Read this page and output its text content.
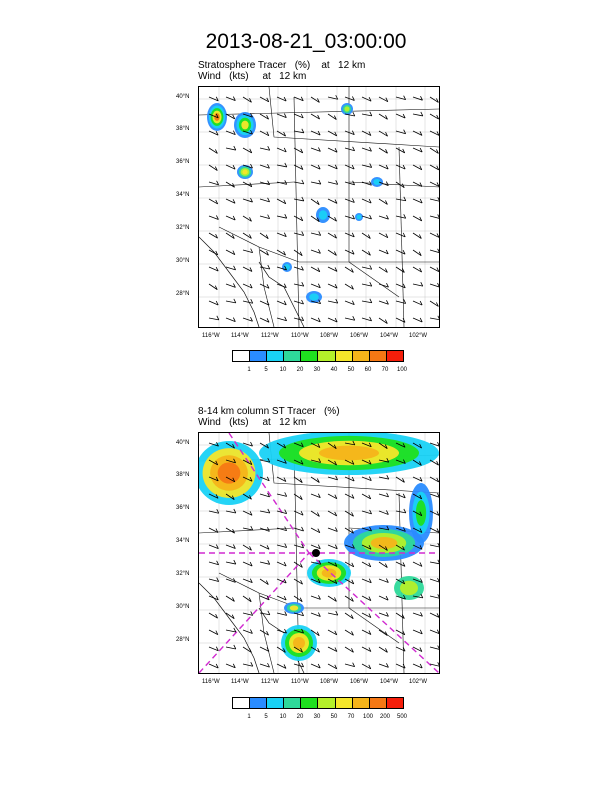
2013-08-21_03:00:00
Stratosphere Tracer   (%)    at   12 km
Wind   (kts)     at   12 km
40°N
38°N
36°N
34°N
32°N
30°N
28°N
116°W 114°W 112°W 110°W 108°W 106°W 104°W 102°W
1	5	10	20	30	40	50	60	70	100
8-14 km column ST Tracer   (%)
Wind   (kts)     at   12 km
40°N
38°N
36°N
34°N
32°N
30°N
28°N
116°W 114°W 112°W 110°W 108°W 106°W 104°W 102°W
1	5	10	20	30	50	70	100	200	500
